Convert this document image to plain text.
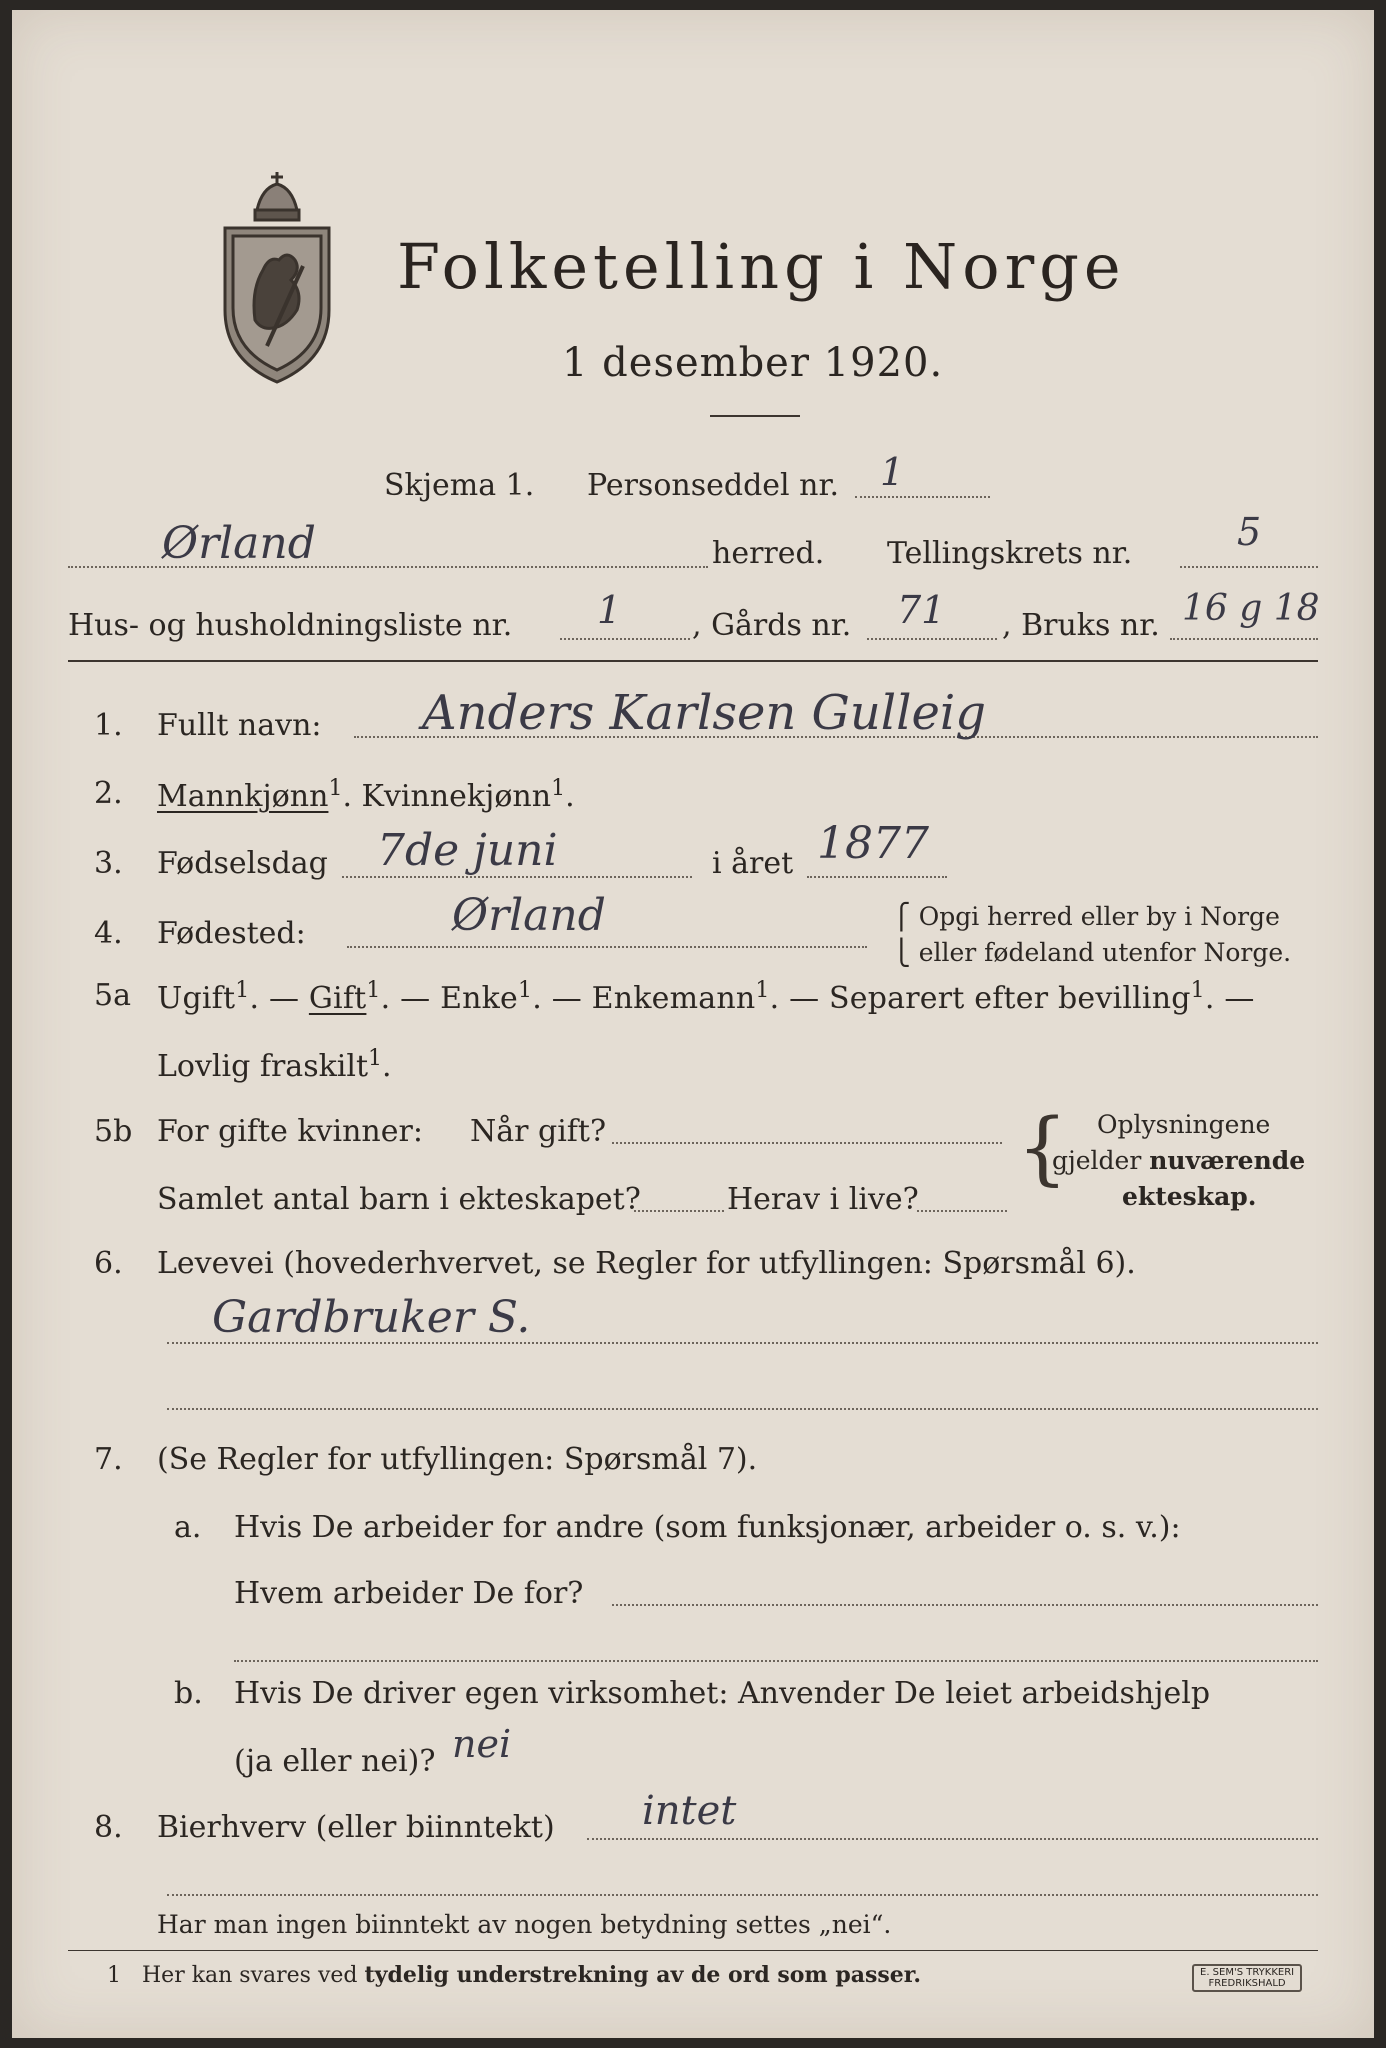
Folketelling i Norge
1 desember 1920.
Skjema 1. Personseddel nr. 1
Ørland	herred. Tellingskrets nr.	5
Hus- og husholdningsliste nr. 1 , Gårds nr. 71 , Bruks nr. 16 g 18
1. Fullt navn: Anders Karlsen Gulleig
2. Mannkjønn$^1$. Kvinnekjønn$^1$.
3. Fødselsdag 7de juni	i året 1877
4. Fødested:	Ørland	⎧ Opgi herred eller by i Norge
⎩ eller fødeland utenfor Norge.
5a Ugift$^1$. — Gift$^1$. — Enke$^1$. — Enkemann$^1$. — Separert efter bevilling$^1$. —
Lovlig fraskilt$^1$.
5b For gifte kvinner: Når gift?
Samlet antal barn i ekteskapet?	Herav i live?
{ Oplysningene
gjelder nuværende
ekteskap.
6. Levevei (hovederhvervet, se Regler for utfyllingen: Spørsmål 6).
Gardbruker S.
7. (Se Regler for utfyllingen: Spørsmål 7).
a. Hvis De arbeider for andre (som funksjonær, arbeider o. s. v.):
Hvem arbeider De for?
b. Hvis De driver egen virksomhet: Anvender De leiet arbeidshjelp
(ja eller nei)? nei
8. Bierhverv (eller biinntekt) intet
Har man ingen biinntekt av nogen betydning settes „nei“.
1 Her kan svares ved tydelig understrekning av de ord som passer.	E. SEM'S TRYKKERI
FREDRIKSHALD
